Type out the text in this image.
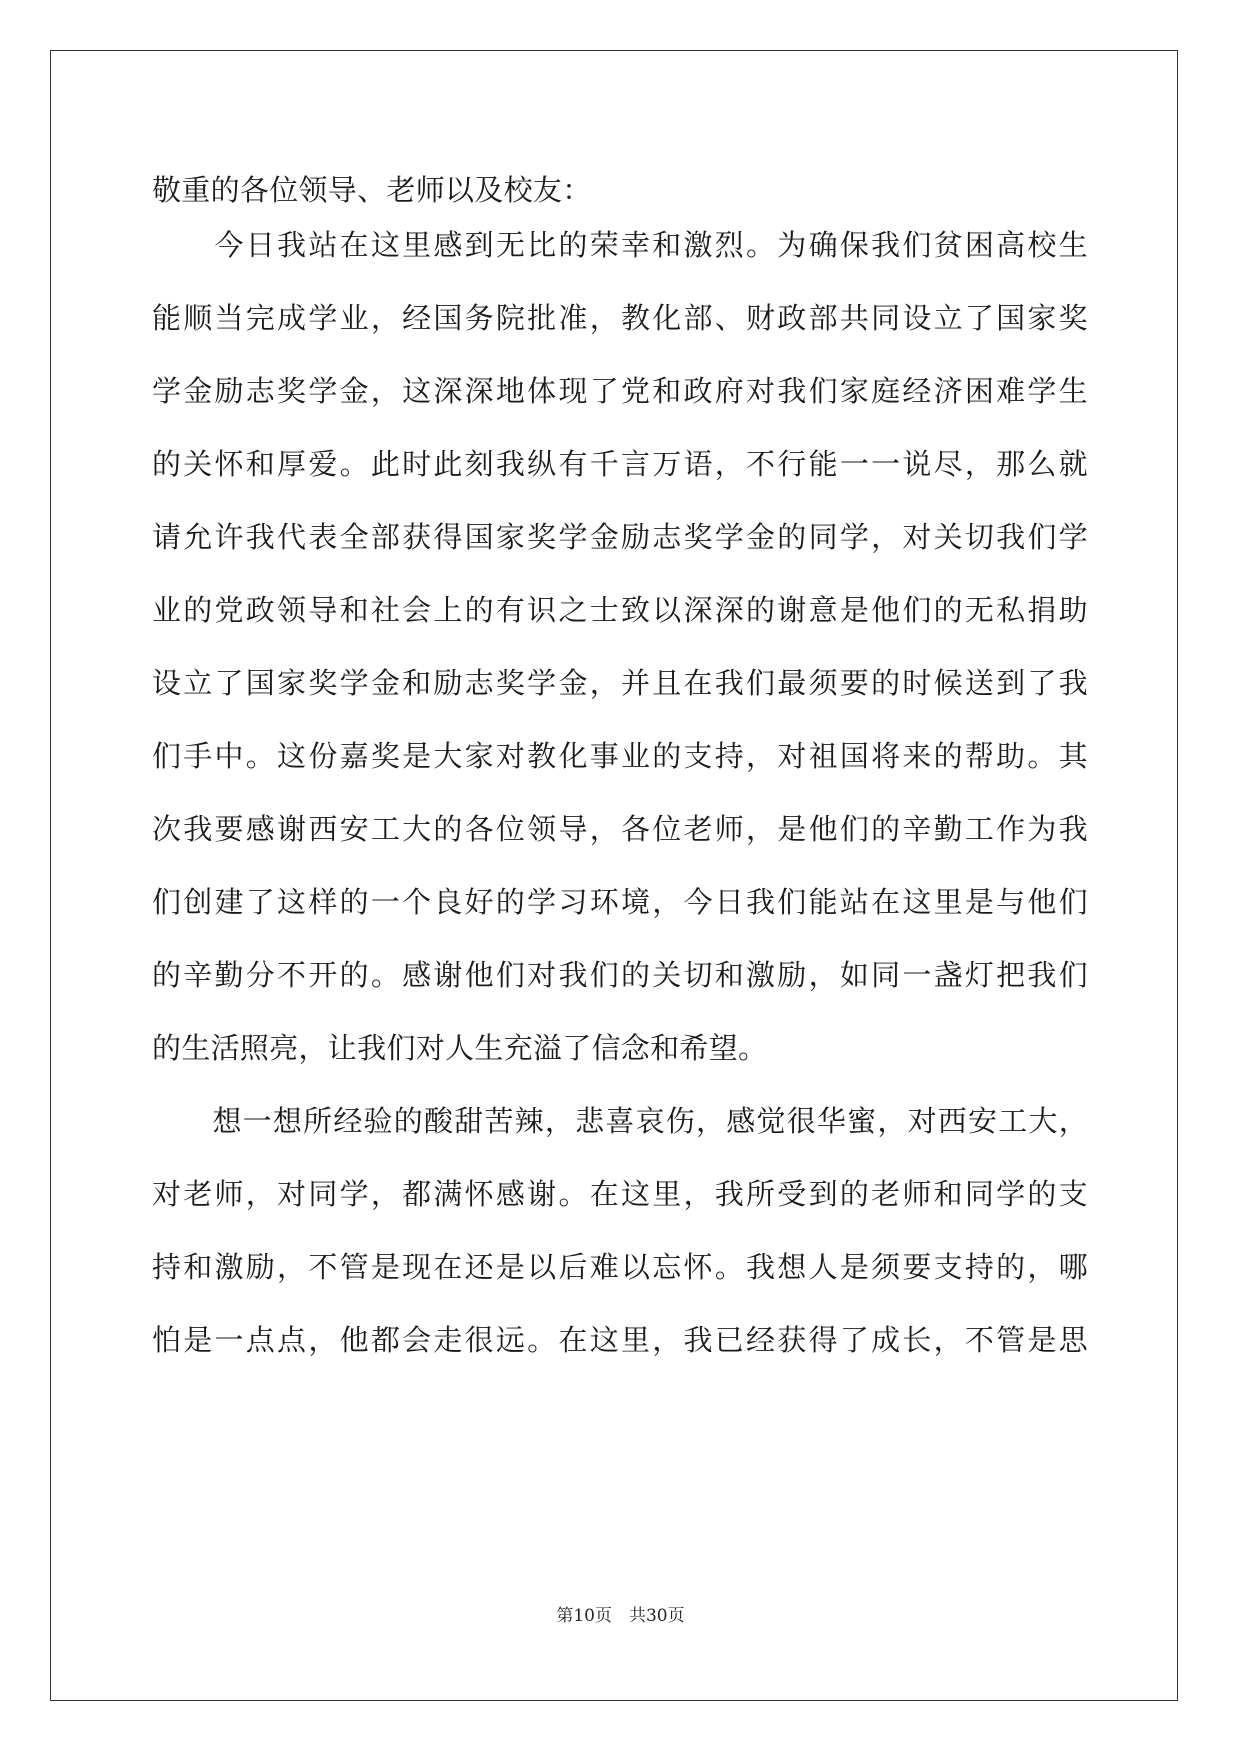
敬重的各位领导、老师以及校友：
　　今日我站在这里感到无比的荣幸和激烈。为确保我们贫困高校生
能顺当完成学业，经国务院批准，教化部、财政部共同设立了国家奖
学金励志奖学金，这深深地体现了党和政府对我们家庭经济困难学生
的关怀和厚爱。此时此刻我纵有千言万语，不行能一一说尽，那么就
请允许我代表全部获得国家奖学金励志奖学金的同学，对关切我们学
业的党政领导和社会上的有识之士致以深深的谢意是他们的无私捐助
设立了国家奖学金和励志奖学金，并且在我们最须要的时候送到了我
们手中。这份嘉奖是大家对教化事业的支持，对祖国将来的帮助。其
次我要感谢西安工大的各位领导，各位老师，是他们的辛勤工作为我
们创建了这样的一个良好的学习环境，今日我们能站在这里是与他们
的辛勤分不开的。感谢他们对我们的关切和激励，如同一盏灯把我们
的生活照亮，让我们对人生充溢了信念和希望。
　　想一想所经验的酸甜苦辣，悲喜哀伤，感觉很华蜜，对西安工大，
对老师，对同学，都满怀感谢。在这里，我所受到的老师和同学的支
持和激励，不管是现在还是以后难以忘怀。我想人是须要支持的，哪
怕是一点点，他都会走很远。在这里，我已经获得了成长，不管是思
第10页　共30页
